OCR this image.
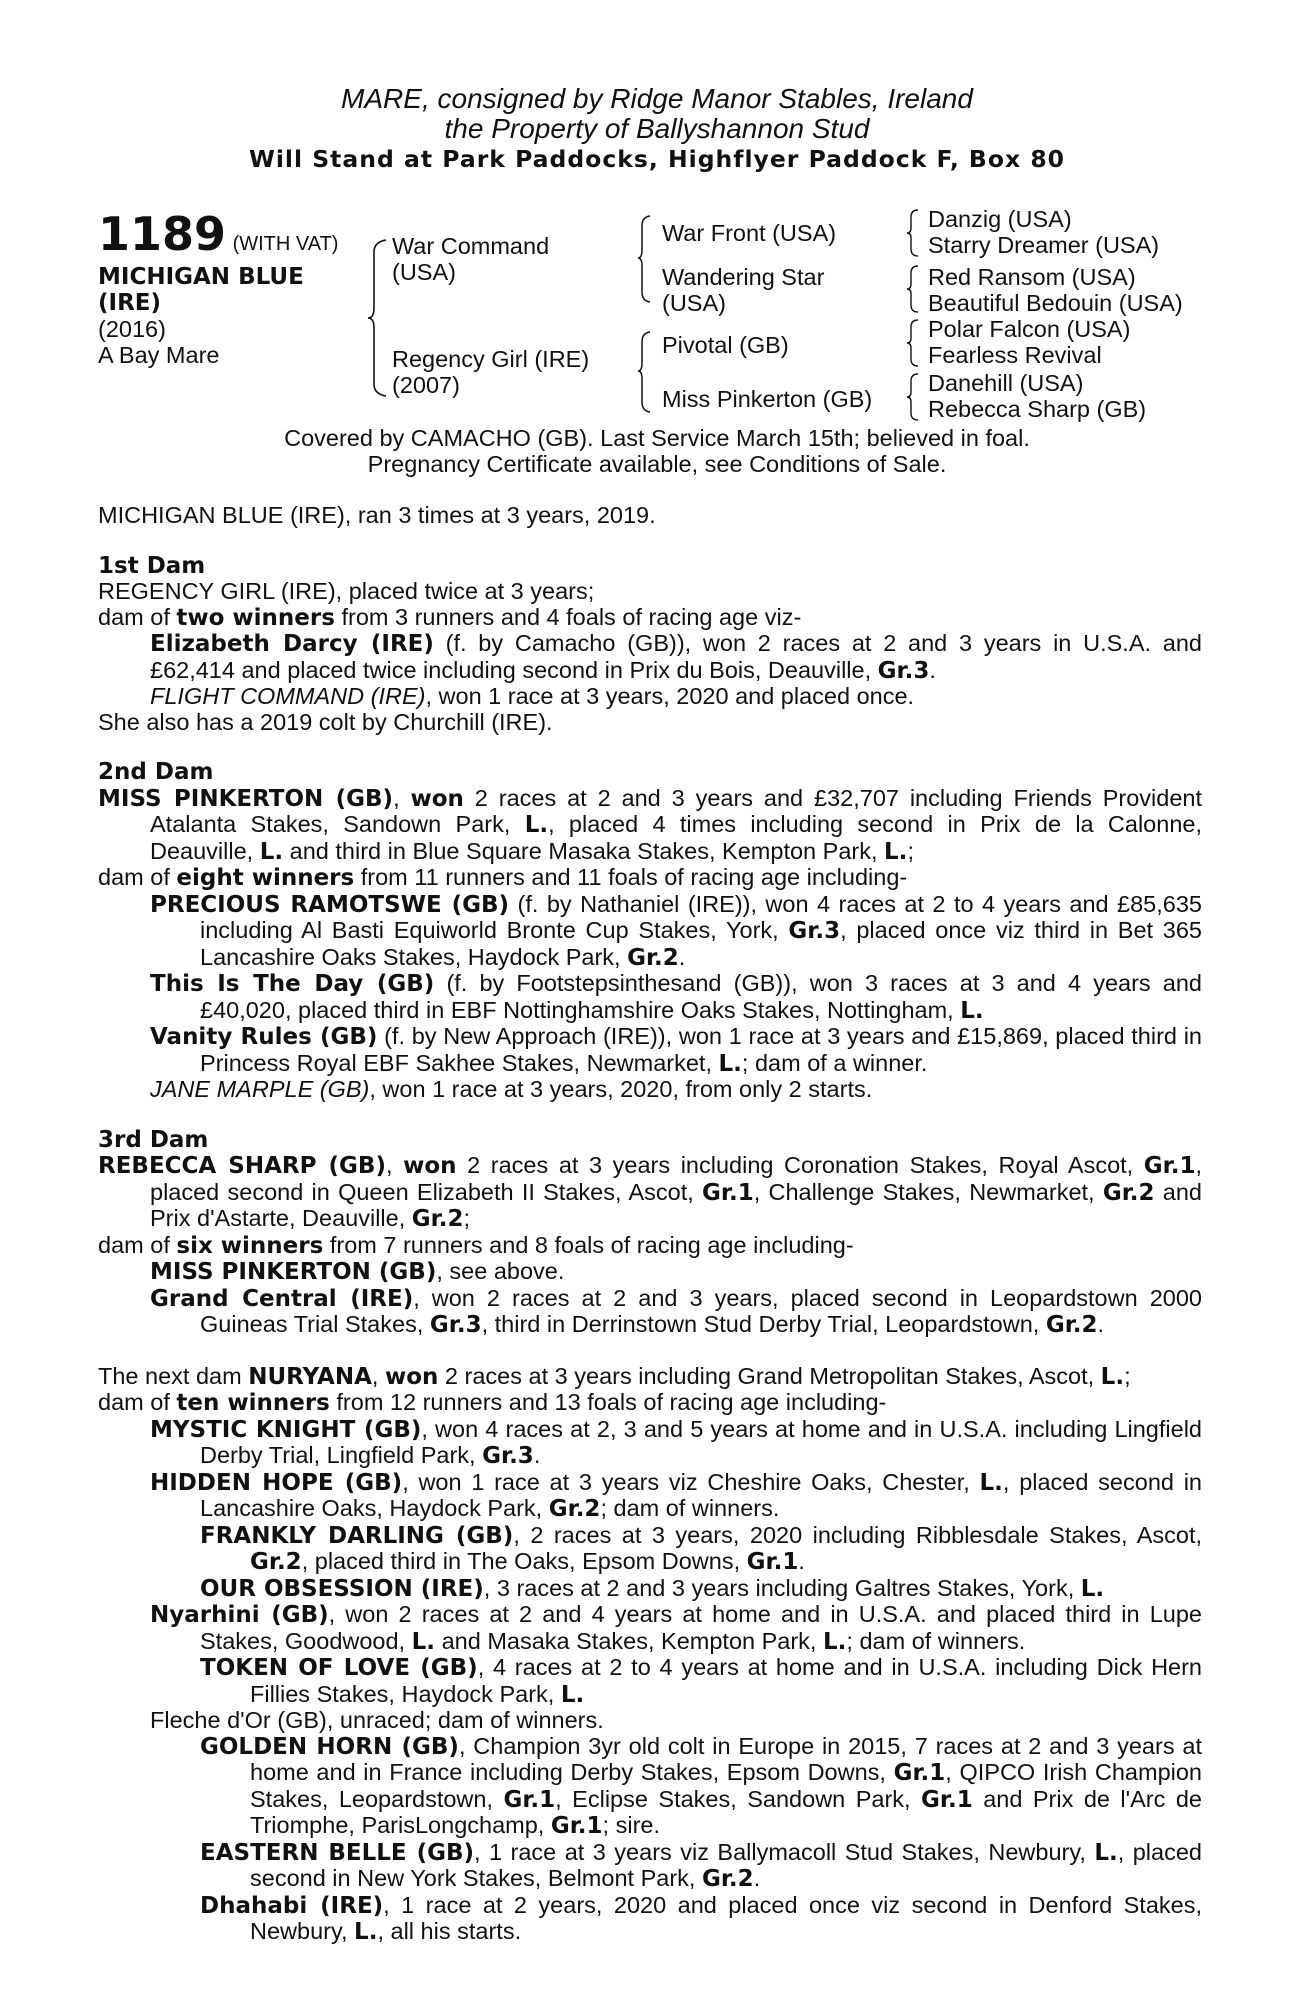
MARE, consigned by Ridge Manor Stables, Ireland
the Property of Ballyshannon Stud
Will Stand at Park Paddocks, Highflyer Paddock F, Box 80
1189 (WITH VAT)
MICHIGAN BLUE
(IRE)
(2016)
A Bay Mare
War Command
(USA)
Regency Girl (IRE)
(2007)
War Front (USA)
Wandering Star
(USA)
Pivotal (GB)
Miss Pinkerton (GB)
Danzig (USA)
Starry Dreamer (USA)
Red Ransom (USA)
Beautiful Bedouin (USA)
Polar Falcon (USA)
Fearless Revival
Danehill (USA)
Rebecca Sharp (GB)
Covered by CAMACHO (GB). Last Service March 15th; believed in foal.
Pregnancy Certificate available, see Conditions of Sale.

MICHIGAN BLUE (IRE), ran 3 times at 3 years, 2019.

1st Dam

REGENCY GIRL (IRE), placed twice at 3 years;

dam of two winners from 3 runners and 4 foals of racing age viz-

Elizabeth Darcy (IRE) (f. by Camacho (GB)), won 2 races at 2 and 3 years in U.S.A. and £62,414 and placed twice including second in Prix du Bois, Deauville, Gr.3.

FLIGHT COMMAND (IRE), won 1 race at 3 years, 2020 and placed once.

She also has a 2019 colt by Churchill (IRE).

2nd Dam

MISS PINKERTON (GB), won 2 races at 2 and 3 years and £32,707 including Friends Provident Atalanta Stakes, Sandown Park, L., placed 4 times including second in Prix de la Calonne, Deauville, L. and third in Blue Square Masaka Stakes, Kempton Park, L.;

dam of eight winners from 11 runners and 11 foals of racing age including-

PRECIOUS RAMOTSWE (GB) (f. by Nathaniel (IRE)), won 4 races at 2 to 4 years and £85,635 including Al Basti Equiworld Bronte Cup Stakes, York, Gr.3, placed once viz third in Bet 365 Lancashire Oaks Stakes, Haydock Park, Gr.2.

This Is The Day (GB) (f. by Footstepsinthesand (GB)), won 3 races at 3 and 4 years and £40,020, placed third in EBF Nottinghamshire Oaks Stakes, Nottingham, L.

Vanity Rules (GB) (f. by New Approach (IRE)), won 1 race at 3 years and £15,869, placed third in Princess Royal EBF Sakhee Stakes, Newmarket, L.; dam of a winner.

JANE MARPLE (GB), won 1 race at 3 years, 2020, from only 2 starts.

3rd Dam

REBECCA SHARP (GB), won 2 races at 3 years including Coronation Stakes, Royal Ascot, Gr.1, placed second in Queen Elizabeth II Stakes, Ascot, Gr.1, Challenge Stakes, Newmarket, Gr.2 and Prix d'Astarte, Deauville, Gr.2;

dam of six winners from 7 runners and 8 foals of racing age including-

MISS PINKERTON (GB), see above.

Grand Central (IRE), won 2 races at 2 and 3 years, placed second in Leopardstown 2000 Guineas Trial Stakes, Gr.3, third in Derrinstown Stud Derby Trial, Leopardstown, Gr.2.

The next dam NURYANA, won 2 races at 3 years including Grand Metropolitan Stakes, Ascot, L.;

dam of ten winners from 12 runners and 13 foals of racing age including-

MYSTIC KNIGHT (GB), won 4 races at 2, 3 and 5 years at home and in U.S.A. including Lingfield Derby Trial, Lingfield Park, Gr.3.

HIDDEN HOPE (GB), won 1 race at 3 years viz Cheshire Oaks, Chester, L., placed second in Lancashire Oaks, Haydock Park, Gr.2; dam of winners.

FRANKLY DARLING (GB), 2 races at 3 years, 2020 including Ribblesdale Stakes, Ascot, Gr.2, placed third in The Oaks, Epsom Downs, Gr.1.

OUR OBSESSION (IRE), 3 races at 2 and 3 years including Galtres Stakes, York, L.

Nyarhini (GB), won 2 races at 2 and 4 years at home and in U.S.A. and placed third in Lupe Stakes, Goodwood, L. and Masaka Stakes, Kempton Park, L.; dam of winners.

TOKEN OF LOVE (GB), 4 races at 2 to 4 years at home and in U.S.A. including Dick Hern Fillies Stakes, Haydock Park, L.

Fleche d'Or (GB), unraced; dam of winners.

GOLDEN HORN (GB), Champion 3yr old colt in Europe in 2015, 7 races at 2 and 3 years at home and in France including Derby Stakes, Epsom Downs, Gr.1, QIPCO Irish Champion Stakes, Leopardstown, Gr.1, Eclipse Stakes, Sandown Park, Gr.1 and Prix de l'Arc de Triomphe, ParisLongchamp, Gr.1; sire.

EASTERN BELLE (GB), 1 race at 3 years viz Ballymacoll Stud Stakes, Newbury, L., placed second in New York Stakes, Belmont Park, Gr.2.

Dhahabi (IRE), 1 race at 2 years, 2020 and placed once viz second in Denford Stakes, Newbury, L., all his starts.
